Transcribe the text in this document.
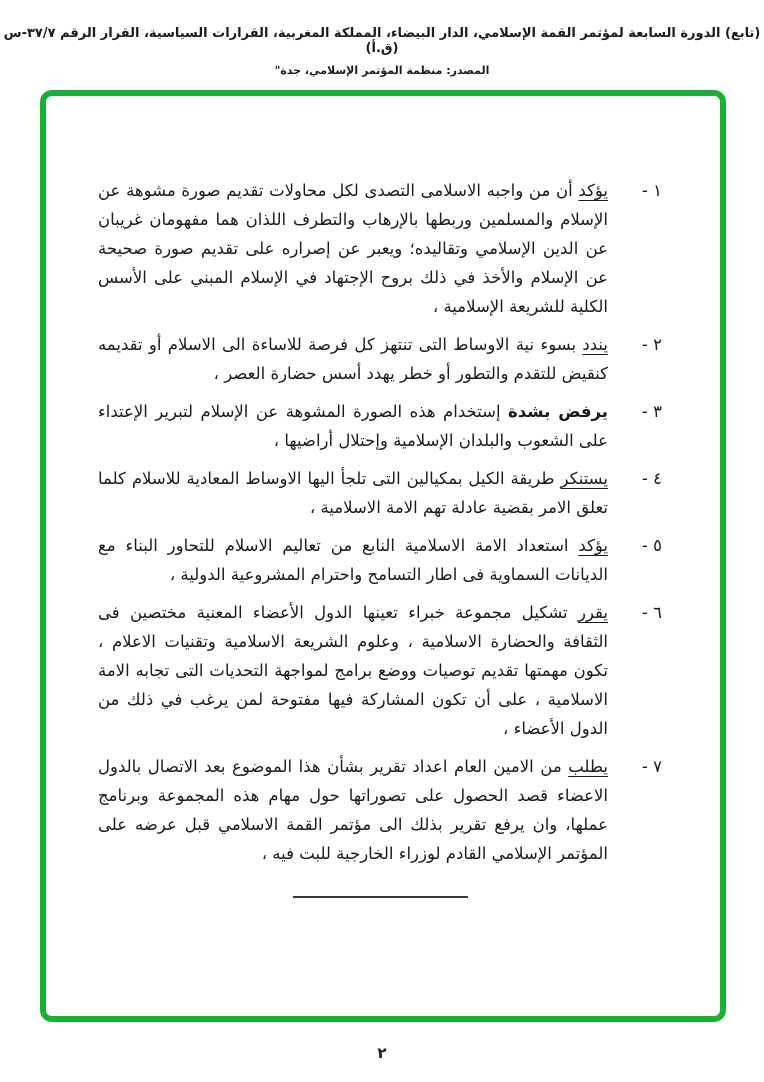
(تابع) الدورة السابعة لمؤتمر القمة الإسلامي، الدار البيضاء، المملكة المغربية، القرارات السياسية، القرار الرقم ٣٧/٧-س (ق.أ)
المصدر: منظمة المؤتمر الإسلامي، جدة"
١ -
يؤكد أن من واجبه الاسلامى التصدى لكل محاولات تقديم صورة مشوهة عن الإسلام والمسلمين وربطها بالإرهاب والتطرف اللذان هما مفهومان غريبان عن الدين الإسلامي وتقاليده؛ ويعبر عن إصراره على تقديم صورة صحيحة عن الإسلام والأخذ في ذلك بروح الإجتهاد في الإسلام المبني على الأسس الكلية للشريعة الإسلامية ،
٢ -
يندد بسوء نية الاوساط التى تنتهز كل فرصة للاساءة الى الاسلام أو تقديمه كنقيض للتقدم والتطور أو خطر يهدد أسس حضارة العصر ،
٣ -
يرفض بشدة إستخدام هذه الصورة المشوهة عن الإسلام لتبرير الإعتداء على الشعوب والبلدان الإسلامية وإحتلال أراضيها ،
٤ -
يستنكر طريقة الكيل بمكيالين التى تلجأ اليها الاوساط المعادية للاسلام كلما تعلق الامر بقضية عادلة تهم الامة الاسلامية ،
٥ -
يؤكد استعداد الامة الاسلامية النابع من تعاليم الاسلام للتحاور البناء مع الديانات السماوية فى اطار التسامح واحترام المشروعية الدولية ،
٦ -
يقرر تشكيل مجموعة خبراء تعينها الدول الأعضاء المعنية مختصين فى الثقافة والحضارة الاسلامية ، وعلوم الشريعة الاسلامية وتقنيات الاعلام ، تكون مهمتها تقديم توصيات ووضع برامج لمواجهة التحديات التى تجابه الامة الاسلامية ، على أن تكون المشاركة فيها مفتوحة لمن يرغب في ذلك من الدول الأعضاء ،
٧ -
يطلب من الامين العام اعداد تقرير بشأن هذا الموضوع بعد الاتصال بالدول الاعضاء قصد الحصول على تصوراتها حول مهام هذه المجموعة وبرنامج عملها، وان يرفع تقرير بذلك الى مؤتمر القمة الاسلامي قبل عرضه على المؤتمر الإسلامي القادم لوزراء الخارجية للبت فيه ،
٢
